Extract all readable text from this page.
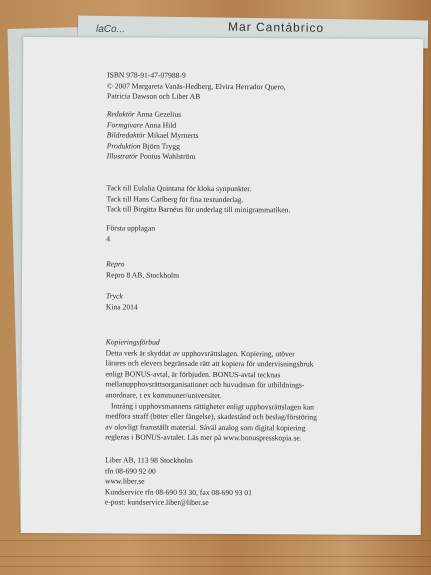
laCo...	Mar Cantábrico
ISBN 978-91-47-07988-9
© 2007 Margareta Vanäs-Hedberg, Elvira Herrador Quero,
Patricia Dawson och Liber AB
Redaktör Anna Gezelius
Formgivare Anna Hild
Bildredaktör Mikael Myrnerts
Produktion Björn Trygg
Illustratör Pontus Wahlström
Tack till Eulalia Quintana för kloka synpunkter.
Tack till Hans Carlberg för fina textunderlag.
Tack till Birgitta Barnéus för underlag till minigrammatiken.
Första upplagan
4
Repro
Repro 8 AB, Stockholm
Tryck
Kina 2014
Kopieringsförbud
Detta verk är skyddat av upphovsrättslagen. Kopiering, utöver
lärares och elevers begränsade rätt att kopiera för undervisningsbruk
enligt BONUS-avtal, är förbjuden. BONUS-avtal tecknas
mellanupphovsrättsorganisationer och huvudman för utbildnings-
anordnare, t ex kommuner/universitet.
Intrång i upphovsmannens rättigheter enligt upphovsrättslagen kan
medföra straff (böter eller fängelse), skadestånd och beslag/förstöring
av olovligt framställt material. Såväl analog som digital kopiering
regleras i BONUS-avtalet. Läs mer på www.bonuspresskopia.se.
Liber AB, 113 98 Stockholm
tfn 08-690 92 00
www.liber.se
Kundservice tfn 08-690 93 30, fax 08-690 93 01
e-post: kundservice.liber@liber.se
